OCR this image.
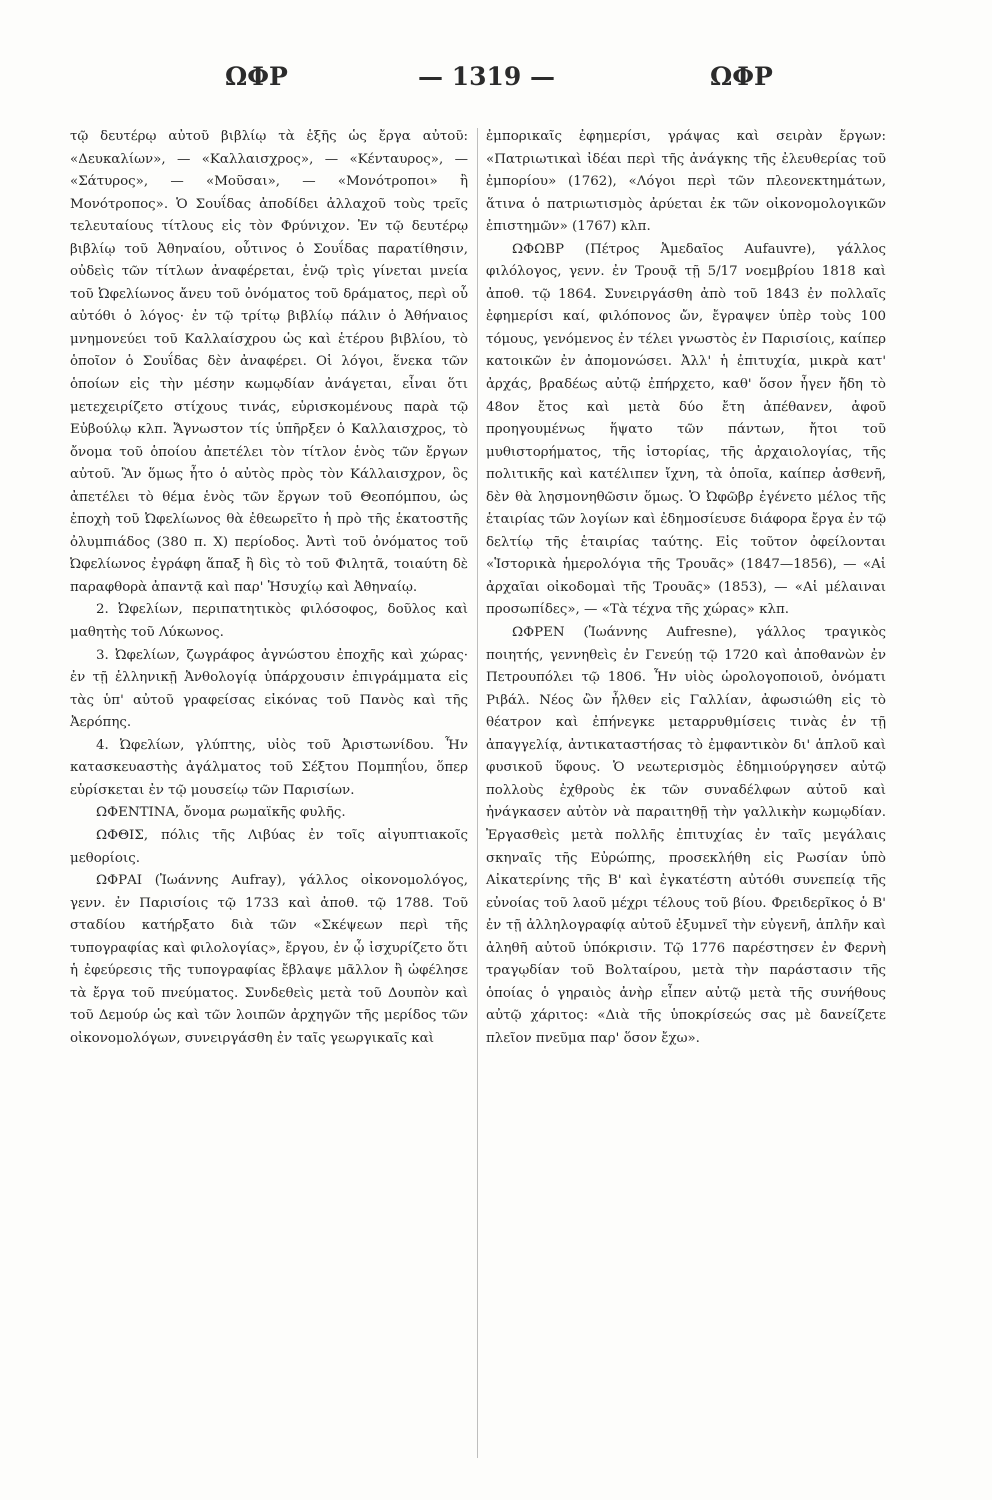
ΩΦΡ	— 1319 —	ΩΦΡ

τῷ δευτέρῳ αὐτοῦ βιβλίῳ τὰ ἑξῆς ὡς ἔργα αὐτοῦ: «Δευκαλίων», — «Καλλαισχρος», — «Κένταυρος», — «Σάτυρος», — «Μοῦσαι», — «Μονότροποι» ἢ Μονότροπος». Ὁ Σουΐδας ἀποδίδει ἀλλαχοῦ τοὺς τρεῖς τελευταίους τίτλους εἰς τὸν Φρύνιχον. Ἐν τῷ δευτέρῳ βιβλίῳ τοῦ Ἀθηναίου, οὗτινος ὁ Σουΐδας παρατίθησιν, οὐδεὶς τῶν τίτλων ἀναφέρεται, ἐνῷ τρὶς γίνεται μνεία τοῦ Ὠφελίωνος ἄνευ τοῦ ὀνόματος τοῦ δράματος, περὶ οὗ αὐτόθι ὁ λόγος· ἐν τῷ τρίτῳ βιβλίῳ πάλιν ὁ Ἀθήναιος μνημονεύει τοῦ Καλλαίσχρου ὡς καὶ ἑτέρου βιβλίου, τὸ ὁποῖον ὁ Σουΐδας δὲν ἀναφέρει. Οἱ λόγοι, ἕνεκα τῶν ὁποίων εἰς τὴν μέσην κωμῳδίαν ἀνάγεται, εἶναι ὅτι μετεχειρίζετο στίχους τινάς, εὑρισκομένους παρὰ τῷ Εὐβούλῳ κλπ. Ἄγνωστον τίς ὑπῆρξεν ὁ Καλλαισχρος, τὸ ὄνομα τοῦ ὁποίου ἀπετέλει τὸν τίτλον ἑνὸς τῶν ἔργων αὐτοῦ. Ἂν ὅμως ἦτο ὁ αὐτὸς πρὸς τὸν Κάλλαισχρον, ὃς ἀπετέλει τὸ θέμα ἑνὸς τῶν ἔργων τοῦ Θεοπόμπου, ὡς ἐποχὴ τοῦ Ὠφελίωνος θὰ ἐθεωρεῖτο ἡ πρὸ τῆς ἑκατοστῆς ὀλυμπιάδος (380 π. Χ) περίοδος. Ἀντὶ τοῦ ὀνόματος τοῦ Ὠφελίωνος ἐγράφη ἅπαξ ἢ δὶς τὸ τοῦ Φιλητᾶ, τοιαύτη δὲ παραφθορὰ ἀπαντᾷ καὶ παρ' Ἡσυχίῳ καὶ Ἀθηναίῳ.

2. Ὠφελίων, περιπατητικὸς φιλόσοφος, δοῦλος καὶ μαθητὴς τοῦ Λύκωνος.

3. Ὠφελίων, ζωγράφος ἀγνώστου ἐποχῆς καὶ χώρας· ἐν τῇ ἑλληνικῇ Ἀνθολογίᾳ ὑπάρχουσιν ἐπιγράμματα εἰς τὰς ὑπ' αὐτοῦ γραφείσας εἰκόνας τοῦ Πανὸς καὶ τῆς Ἀερόπης.

4. Ὠφελίων, γλύπτης, υἱὸς τοῦ Ἀριστωνίδου. Ἦν κατασκευαστὴς ἀγάλματος τοῦ Σέξτου Πομπηΐου, ὅπερ εὑρίσκεται ἐν τῷ μουσείῳ τῶν Παρισίων.

ΩΦΕΝΤΙΝΑ, ὄνομα ρωμαϊκῆς φυλῆς.

ΩΦΘΙΣ, πόλις τῆς Λιβύας ἐν τοῖς αἰγυπτιακοῖς μεθορίοις.

ΩΦΡΑΙ (Ἰωάννης Aufray), γάλλος οἰκονομολόγος, γενν. ἐν Παρισίοις τῷ 1733 καὶ ἀποθ. τῷ 1788. Τοῦ σταδίου κατήρξατο διὰ τῶν «Σκέψεων περὶ τῆς τυπογραφίας καὶ φιλολογίας», ἔργου, ἐν ᾧ ἰσχυρίζετο ὅτι ἡ ἐφεύρεσις τῆς τυπογραφίας ἔβλαψε μᾶλλον ἢ ὠφέλησε τὰ ἔργα τοῦ πνεύματος. Συνδεθεὶς μετὰ τοῦ Δουπὸν καὶ τοῦ Δεμούρ ὡς καὶ τῶν λοιπῶν ἀρχηγῶν τῆς μερίδος τῶν οἰκονομολόγων, συνειργάσθη ἐν ταῖς γεωργικαῖς καὶ

ἐμπορικαῖς ἐφημερίσι, γράψας καὶ σειρὰν ἔργων: «Πατριωτικαὶ ἰδέαι περὶ τῆς ἀνάγκης τῆς ἐλευθερίας τοῦ ἐμπορίου» (1762), «Λόγοι περὶ τῶν πλεονεκτημάτων, ἅτινα ὁ πατριωτισμὸς ἀρύεται ἐκ τῶν οἰκονομολογικῶν ἐπιστημῶν» (1767) κλπ.

ΩΦΩΒΡ (Πέτρος Ἀμεδαῖος Aufauvre), γάλλος φιλόλογος, γενν. ἐν Τρουᾷ τῇ 5/17 νοεμβρίου 1818 καὶ ἀποθ. τῷ 1864. Συνειργάσθη ἀπὸ τοῦ 1843 ἐν πολλαῖς ἐφημερίσι καί, φιλόπονος ὤν, ἔγραψεν ὑπὲρ τοὺς 100 τόμους, γενόμενος ἐν τέλει γνωστὸς ἐν Παρισίοις, καίπερ κατοικῶν ἐν ἀπομονώσει. Ἀλλ' ἡ ἐπιτυχία, μικρὰ κατ' ἀρχάς, βραδέως αὐτῷ ἐπήρχετο, καθ' ὅσον ἦγεν ἤδη τὸ 48ον ἔτος καὶ μετὰ δύο ἔτη ἀπέθανεν, ἀφοῦ προηγουμένως ἥψατο τῶν πάντων, ἤτοι τοῦ μυθιστορήματος, τῆς ἱστορίας, τῆς ἀρχαιολογίας, τῆς πολιτικῆς καὶ κατέλιπεν ἴχνη, τὰ ὁποῖα, καίπερ ἀσθενῆ, δὲν θὰ λησμονηθῶσιν ὅμως. Ὁ Ὠφῶβρ ἐγένετο μέλος τῆς ἑταιρίας τῶν λογίων καὶ ἐδημοσίευσε διάφορα ἔργα ἐν τῷ δελτίῳ τῆς ἑταιρίας ταύτης. Εἰς τοῦτον ὀφείλονται «Ἱστορικὰ ἡμερολόγια τῆς Τρουᾶς» (1847—1856), — «Αἱ ἀρχαῖαι οἰκοδομαὶ τῆς Τρουᾶς» (1853), — «Αἱ μέλαιναι προσωπίδες», — «Τὰ τέχνα τῆς χώρας» κλπ.

ΩΦΡΕΝ (Ἰωάννης Aufresne), γάλλος τραγικὸς ποιητής, γεννηθεὶς ἐν Γενεύῃ τῷ 1720 καὶ ἀποθανὼν ἐν Πετρουπόλει τῷ 1806. Ἦν υἱὸς ὡρολογοποιοῦ, ὀνόματι Ριβάλ. Νέος ὢν ἦλθεν εἰς Γαλλίαν, ἀφωσιώθη εἰς τὸ θέατρον καὶ ἐπήνεγκε μεταρρυθμίσεις τινὰς ἐν τῇ ἀπαγγελίᾳ, ἀντικαταστήσας τὸ ἐμφαντικὸν δι' ἁπλοῦ καὶ φυσικοῦ ὕφους. Ὁ νεωτερισμὸς ἐδημιούργησεν αὐτῷ πολλοὺς ἐχθροὺς ἐκ τῶν συναδέλφων αὐτοῦ καὶ ἠνάγκασεν αὐτὸν νὰ παραιτηθῇ τὴν γαλλικὴν κωμῳδίαν. Ἐργασθεὶς μετὰ πολλῆς ἐπιτυχίας ἐν ταῖς μεγάλαις σκηναῖς τῆς Εὐρώπης, προσεκλήθη εἰς Ρωσίαν ὑπὸ Αἰκατερίνης τῆς Β' καὶ ἐγκατέστη αὐτόθι συνεπείᾳ τῆς εὐνοίας τοῦ λαοῦ μέχρι τέλους τοῦ βίου. Φρειδερῖκος ὁ Β' ἐν τῇ ἀλληλογραφίᾳ αὐτοῦ ἐξυμνεῖ τὴν εὐγενῆ, ἁπλῆν καὶ ἀληθῆ αὐτοῦ ὑπόκρισιν. Τῷ 1776 παρέστησεν ἐν Φερνὴ τραγῳδίαν τοῦ Βολταίρου, μετὰ τὴν παράστασιν τῆς ὁποίας ὁ γηραιὸς ἀνὴρ εἶπεν αὐτῷ μετὰ τῆς συνήθους αὐτῷ χάριτος: «Διὰ τῆς ὑποκρίσεώς σας μὲ δανείζετε πλεῖον πνεῦμα παρ' ὅσον ἔχω».
